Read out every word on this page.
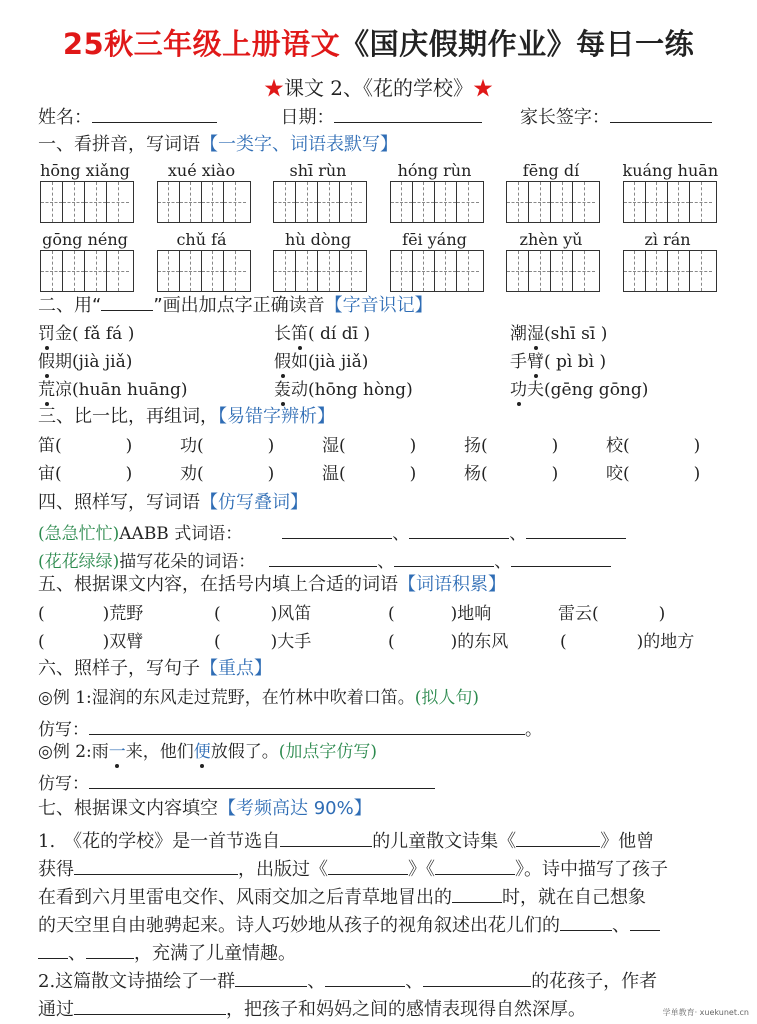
25秋三年级上册语文《国庆假期作业》每日一练
★课文 2、《花的学校》★
姓名：	日期：	家长签字：
一、看拼音，写词语【一类字、词语表默写】
hōng xiǎng	xué xiào	shī rùn	hóng rùn	fēng dí	kuáng huān
gōng néng	chǔ fá	hù dòng	fēi yáng	zhèn yǔ	zì rán
二、用“	”画出加点字正确读音【字音识记】
罚金( fǎ fá )	长笛( dí dī )	潮湿(shī sī )
假期(jià jiǎ)	假如(jià jiǎ)	手臂( pì bì )
荒凉(huān huāng)	轰动(hōng hòng)	功夫(gēng gōng)
三、比一比，再组词，【易错字辨析】
笛(	)	功(	)	湿(	)	扬(	)	校(	)
宙(	)	劝(	)	温(	)	杨(	)	咬(	)
四、照样写，写词语【仿写叠词】
(急急忙忙)AABB 式词语：	、	、
(花花绿绿)描写花朵的词语：	、	、
五、根据课文内容，在括号内填上合适的词语【词语积累】
(	)荒野	(	)风笛	(	)地响	雷云(	)
(	)双臂	(	)大手	(	)的东风	(	)的地方
六、照样子，写句子【重点】
◎例 1:湿润的东风走过荒野，在竹林中吹着口笛。(拟人句)
仿写：	。
◎例 2:雨一来，他们便放假了。(加点字仿写)
仿写：
七、根据课文内容填空【考频高达 90%】
1.　《花的学校》是一首节选自	的儿童散文诗集《	》他曾
获得	，出版过《	》《	》。诗中描写了孩子
在看到六月里雷电交作、风雨交加之后青草地冒出的	时，就在自己想象
的天空里自由驰骋起来。诗人巧妙地从孩子的视角叙述出花儿们的	、
、	，充满了儿童情趣。
2.这篇散文诗描绘了一群	、	、	的花孩子，作者
通过	，把孩子和妈妈之间的感情表现得自然深厚。	学单教育· xuekunet.cn
